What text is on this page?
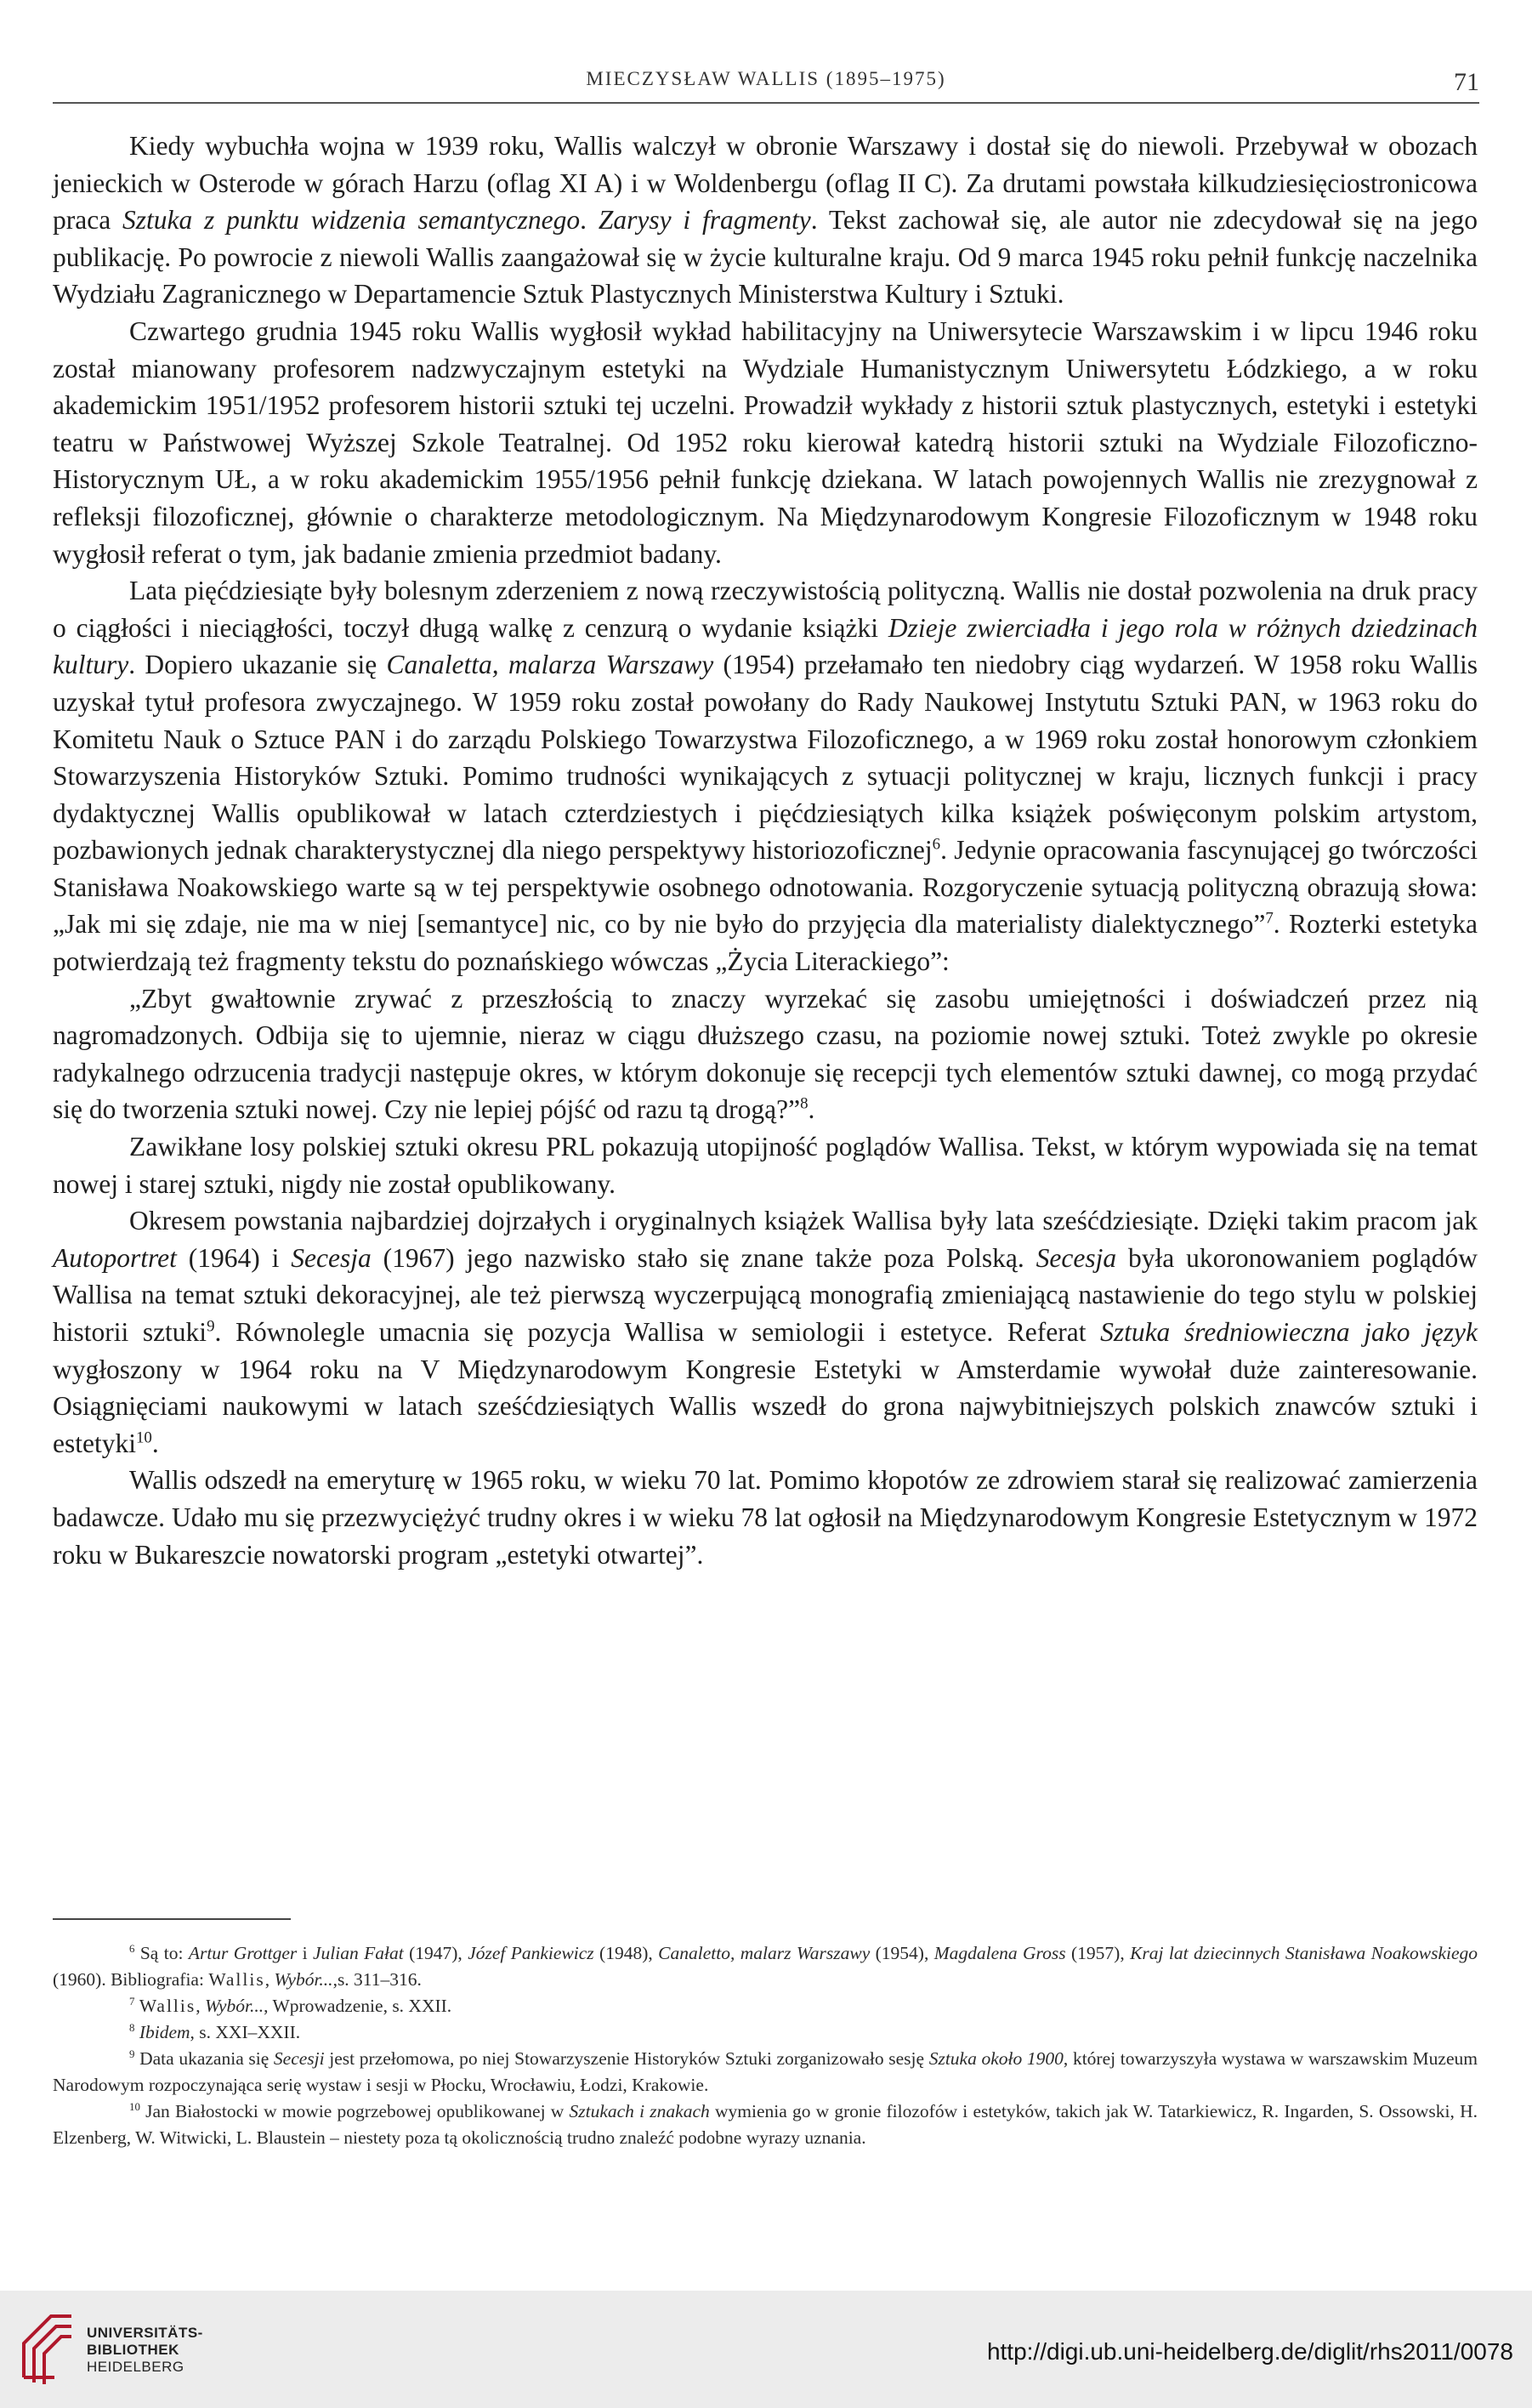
MIECZYSŁAW WALLIS (1895–1975)	71

Kiedy wybuchła wojna w 1939 roku, Wallis walczył w obronie Warszawy i dostał się do niewoli. Przebywał w obozach jenieckich w Osterode w górach Harzu (oflag XI A) i w Woldenbergu (oflag II C). Za drutami powstała kilkudziesięciostronicowa praca Sztuka z punktu widzenia semantycznego. Zarysy i fragmenty. Tekst zachował się, ale autor nie zdecydował się na jego publikację. Po powrocie z niewoli Wallis zaangażował się w życie kulturalne kraju. Od 9 marca 1945 roku pełnił funkcję naczelnika Wydziału Zagranicznego w Departamencie Sztuk Plastycznych Ministerstwa Kultury i Sztuki.

Czwartego grudnia 1945 roku Wallis wygłosił wykład habilitacyjny na Uniwersytecie Warszawskim i w lipcu 1946 roku został mianowany profesorem nadzwyczajnym estetyki na Wydziale Humanistycznym Uniwersytetu Łódzkiego, a w roku akademickim 1951/1952 profesorem historii sztuki tej uczelni. Prowadził wykłady z historii sztuk plastycznych, estetyki i estetyki teatru w Państwowej Wyższej Szkole Teatralnej. Od 1952 roku kierował katedrą historii sztuki na Wydziale Filozoficzno-Historycznym UŁ, a w roku akademickim 1955/1956 pełnił funkcję dziekana. W latach powojennych Wallis nie zrezygnował z refleksji filozoficznej, głównie o charakterze metodologicznym. Na Międzynarodowym Kongresie Filozoficznym w 1948 roku wygłosił referat o tym, jak badanie zmienia przedmiot badany.

Lata pięćdziesiąte były bolesnym zderzeniem z nową rzeczywistością polityczną. Wallis nie dostał pozwolenia na druk pracy o ciągłości i nieciągłości, toczył długą walkę z cenzurą o wydanie książki Dzieje zwierciadła i jego rola w różnych dziedzinach kultury. Dopiero ukazanie się Canaletta, malarza Warszawy (1954) przełamało ten niedobry ciąg wydarzeń. W 1958 roku Wallis uzyskał tytuł profesora zwyczajnego. W 1959 roku został powołany do Rady Naukowej Instytutu Sztuki PAN, w 1963 roku do Komitetu Nauk o Sztuce PAN i do zarządu Polskiego Towarzystwa Filozoficznego, a w 1969 roku został honorowym członkiem Stowarzyszenia Historyków Sztuki. Pomimo trudności wynikających z sytuacji politycznej w kraju, licznych funkcji i pracy dydaktycznej Wallis opublikował w latach czterdziestych i pięćdziesiątych kilka książek poświęconym polskim artystom, pozbawionych jednak charakterystycznej dla niego perspektywy historiozoficznej$^6$. Jedynie opracowania fascynującej go twórczości Stanisława Noakowskiego warte są w tej perspektywie osobnego odnotowania. Rozgoryczenie sytuacją polityczną obrazują słowa: „Jak mi się zdaje, nie ma w niej [semantyce] nic, co by nie było do przyjęcia dla materialisty dialektycznego”$^7$. Rozterki estetyka potwierdzają też fragmenty tekstu do poznańskiego wówczas „Życia Literackiego”:

„Zbyt gwałtownie zrywać z przeszłością to znaczy wyrzekać się zasobu umiejętności i doświadczeń przez nią nagromadzonych. Odbija się to ujemnie, nieraz w ciągu dłuższego czasu, na poziomie nowej sztuki. Toteż zwykle po okresie radykalnego odrzucenia tradycji następuje okres, w którym dokonuje się recepcji tych elementów sztuki dawnej, co mogą przydać się do tworzenia sztuki nowej. Czy nie lepiej pójść od razu tą drogą?”$^8$.

Zawikłane losy polskiej sztuki okresu PRL pokazują utopijność poglądów Wallisa. Tekst, w którym wypowiada się na temat nowej i starej sztuki, nigdy nie został opublikowany.

Okresem powstania najbardziej dojrzałych i oryginalnych książek Wallisa były lata sześćdziesiąte. Dzięki takim pracom jak Autoportret (1964) i Secesja (1967) jego nazwisko stało się znane także poza Polską. Secesja była ukoronowaniem poglądów Wallisa na temat sztuki dekoracyjnej, ale też pierwszą wyczerpującą monografią zmieniającą nastawienie do tego stylu w polskiej historii sztuki$^9$. Równolegle umacnia się pozycja Wallisa w semiologii i estetyce. Referat Sztuka średniowieczna jako język wygłoszony w 1964 roku na V Międzynarodowym Kongresie Estetyki w Amsterdamie wywołał duże zainteresowanie. Osiągnięciami naukowymi w latach sześćdziesiątych Wallis wszedł do grona najwybitniejszych polskich znawców sztuki i estetyki$^{10}$.

Wallis odszedł na emeryturę w 1965 roku, w wieku 70 lat. Pomimo kłopotów ze zdrowiem starał się realizować zamierzenia badawcze. Udało mu się przezwyciężyć trudny okres i w wieku 78 lat ogłosił na Międzynarodowym Kongresie Estetycznym w 1972 roku w Bukareszcie nowatorski program „estetyki otwartej”.

$^6$ Są to: Artur Grottger i Julian Fałat (1947), Józef Pankiewicz (1948), Canaletto, malarz Warszawy (1954), Magdalena Gross (1957), Kraj lat dziecinnych Stanisława Noakowskiego (1960). Bibliografia: Wallis, Wybór...,s. 311–316.

$^7$ Wallis, Wybór..., Wprowadzenie, s. XXII.

$^8$ Ibidem, s. XXI–XXII.

$^9$ Data ukazania się Secesji jest przełomowa, po niej Stowarzyszenie Historyków Sztuki zorganizowało sesję Sztuka około 1900, której towarzyszyła wystawa w warszawskim Muzeum Narodowym rozpoczynająca serię wystaw i sesji w Płocku, Wrocławiu, Łodzi, Krakowie.

$^{10}$ Jan Białostocki w mowie pogrzebowej opublikowanej w Sztukach i znakach wymienia go w gronie filozofów i estetyków, takich jak W. Tatarkiewicz, R. Ingarden, S. Ossowski, H. Elzenberg, W. Witwicki, L. Blaustein – niestety poza tą okolicznością trudno znaleźć podobne wyrazy uznania.

UNIVERSITÄTS-
BIBLIOTHEK
HEIDELBERG
http://digi.ub.uni-heidelberg.de/diglit/rhs2011/0078
